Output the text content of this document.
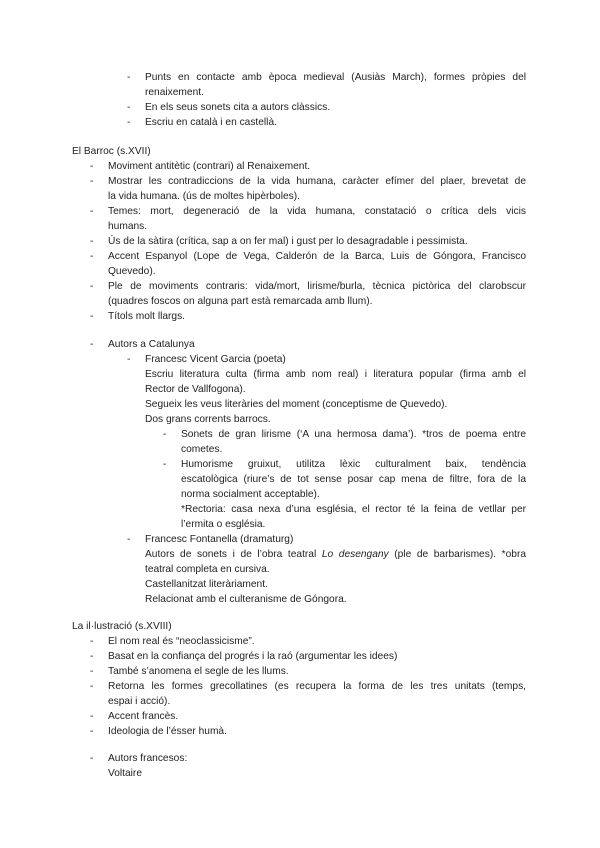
- Punts en contacte amb època medieval (Ausiàs March), formes pròpies del
renaixement.
- En els seus sonets cita a autors clàssics.
- Escriu en català i en castellà.
El Barroc (s.XVII)
- Moviment antitètic (contrari) al Renaixement.
- Mostrar les contradiccions de la vida humana, caràcter efímer del plaer, brevetat de
la vida humana. (ús de moltes hipèrboles).
- Temes: mort, degeneració de la vida humana, constatació o crítica dels vicis
humans.
- Ús de la sàtira (crítica, sap a on fer mal) i gust per lo desagradable i pessimista.
- Accent Espanyol (Lope de Vega, Calderón de la Barca, Luis de Góngora, Francisco
Quevedo).
- Ple de moviments contraris: vida/mort, lirisme/burla, tècnica pictòrica del clarobscur
(quadres foscos on alguna part està remarcada amb llum).
- Títols molt llargs.
- Autors a Catalunya
- Francesc Vicent Garcia (poeta)
Escriu literatura culta (firma amb nom real) i literatura popular (firma amb el
Rector de Vallfogona).
Segueix les veus literàries del moment (conceptisme de Quevedo).
Dos grans corrents barrocs.
- Sonets de gran lirisme (‘A una hermosa dama’). *tros de poema entre
cometes.
- Humorisme gruixut, utilitza lèxic culturalment baix, tendència
escatològica (riure’s de tot sense posar cap mena de filtre, fora de la
norma socialment acceptable).
*Rectoria: casa nexa d’una església, el rector té la feina de vetllar per
l’ermita o església.
- Francesc Fontanella (dramaturg)
Autors de sonets i de l’obra teatral Lo desengany (ple de barbarismes). *obra
teatral completa en cursiva.
Castellanitzat literàriament.
Relacionat amb el culteranisme de Góngora.
La il·lustració (s.XVIII)
- El nom real és “neoclassicisme”.
- Basat en la confiança del progrés i la raó (argumentar les idees)
- També s’anomena el segle de les llums.
- Retorna les formes grecollatines (es recupera la forma de les tres unitats (temps,
espai i acció).
- Accent francès.
- Ideologia de l’ésser humà.
- Autors francesos:
Voltaire
